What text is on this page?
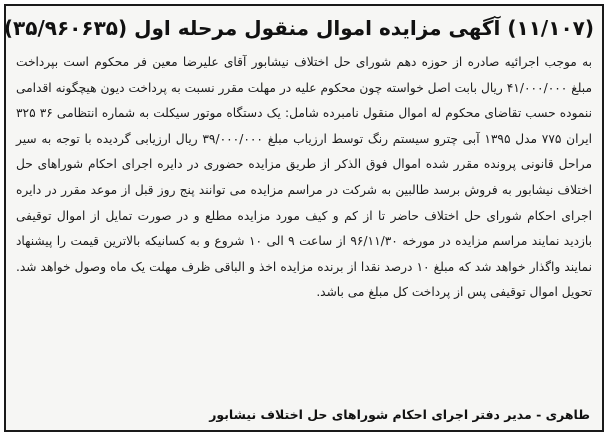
(۱۱/۱۰۷) آگهی مزایده اموال منقول مرحله اول (۳۵/۹۶۰۶۳۵)
به موجب اجرائیه صادره از حوزه دهم شورای حل اختلاف نیشابور آقای علیرضا معین فر محکوم است بپرداخت مبلغ ۴۱/۰۰۰/۰۰۰ ریال بابت اصل خواسته چون محکوم علیه در مهلت مقرر نسبت به پرداخت دیون هیچگونه اقدامی ننموده حسب تقاضای محکوم له اموال منقول نامبرده شامل: یک دستگاه موتور سیکلت به شماره انتظامی ۳۶ ۳۲۵ ایران ۷۷۵ مدل ۱۳۹۵ آبی چترو سیستم رنگ توسط ارزیاب مبلغ ۳۹/۰۰۰/۰۰۰ ریال ارزیابی گردیده با توجه به سیر مراحل قانونی پرونده مقرر شده اموال فوق الذکر از طریق مزایده حضوری در دایره اجرای احکام شوراهای حل اختلاف نیشابور به فروش برسد طالبین به شرکت در مراسم مزایده می توانند پنج روز قبل از موعد مقرر در دایره اجرای احکام شورای حل اختلاف حاضر تا از کم و کیف مورد مزایده مطلع و در صورت تمایل از اموال توقیفی بازدید نمایند مراسم مزایده در مورخه ۹۶/۱۱/۳۰ از ساعت ۹ الی ۱۰ شروع و به کسانیکه بالاترین قیمت را پیشنهاد نمایند واگذار خواهد شد که مبلغ ۱۰ درصد نقدا از برنده مزایده اخذ و الباقی ظرف مهلت یک ماه وصول خواهد شد. تحویل اموال توقیفی پس از پرداخت کل مبلغ می باشد.
طاهری - مدیر دفتر اجرای احکام شوراهای حل اختلاف نیشابور
